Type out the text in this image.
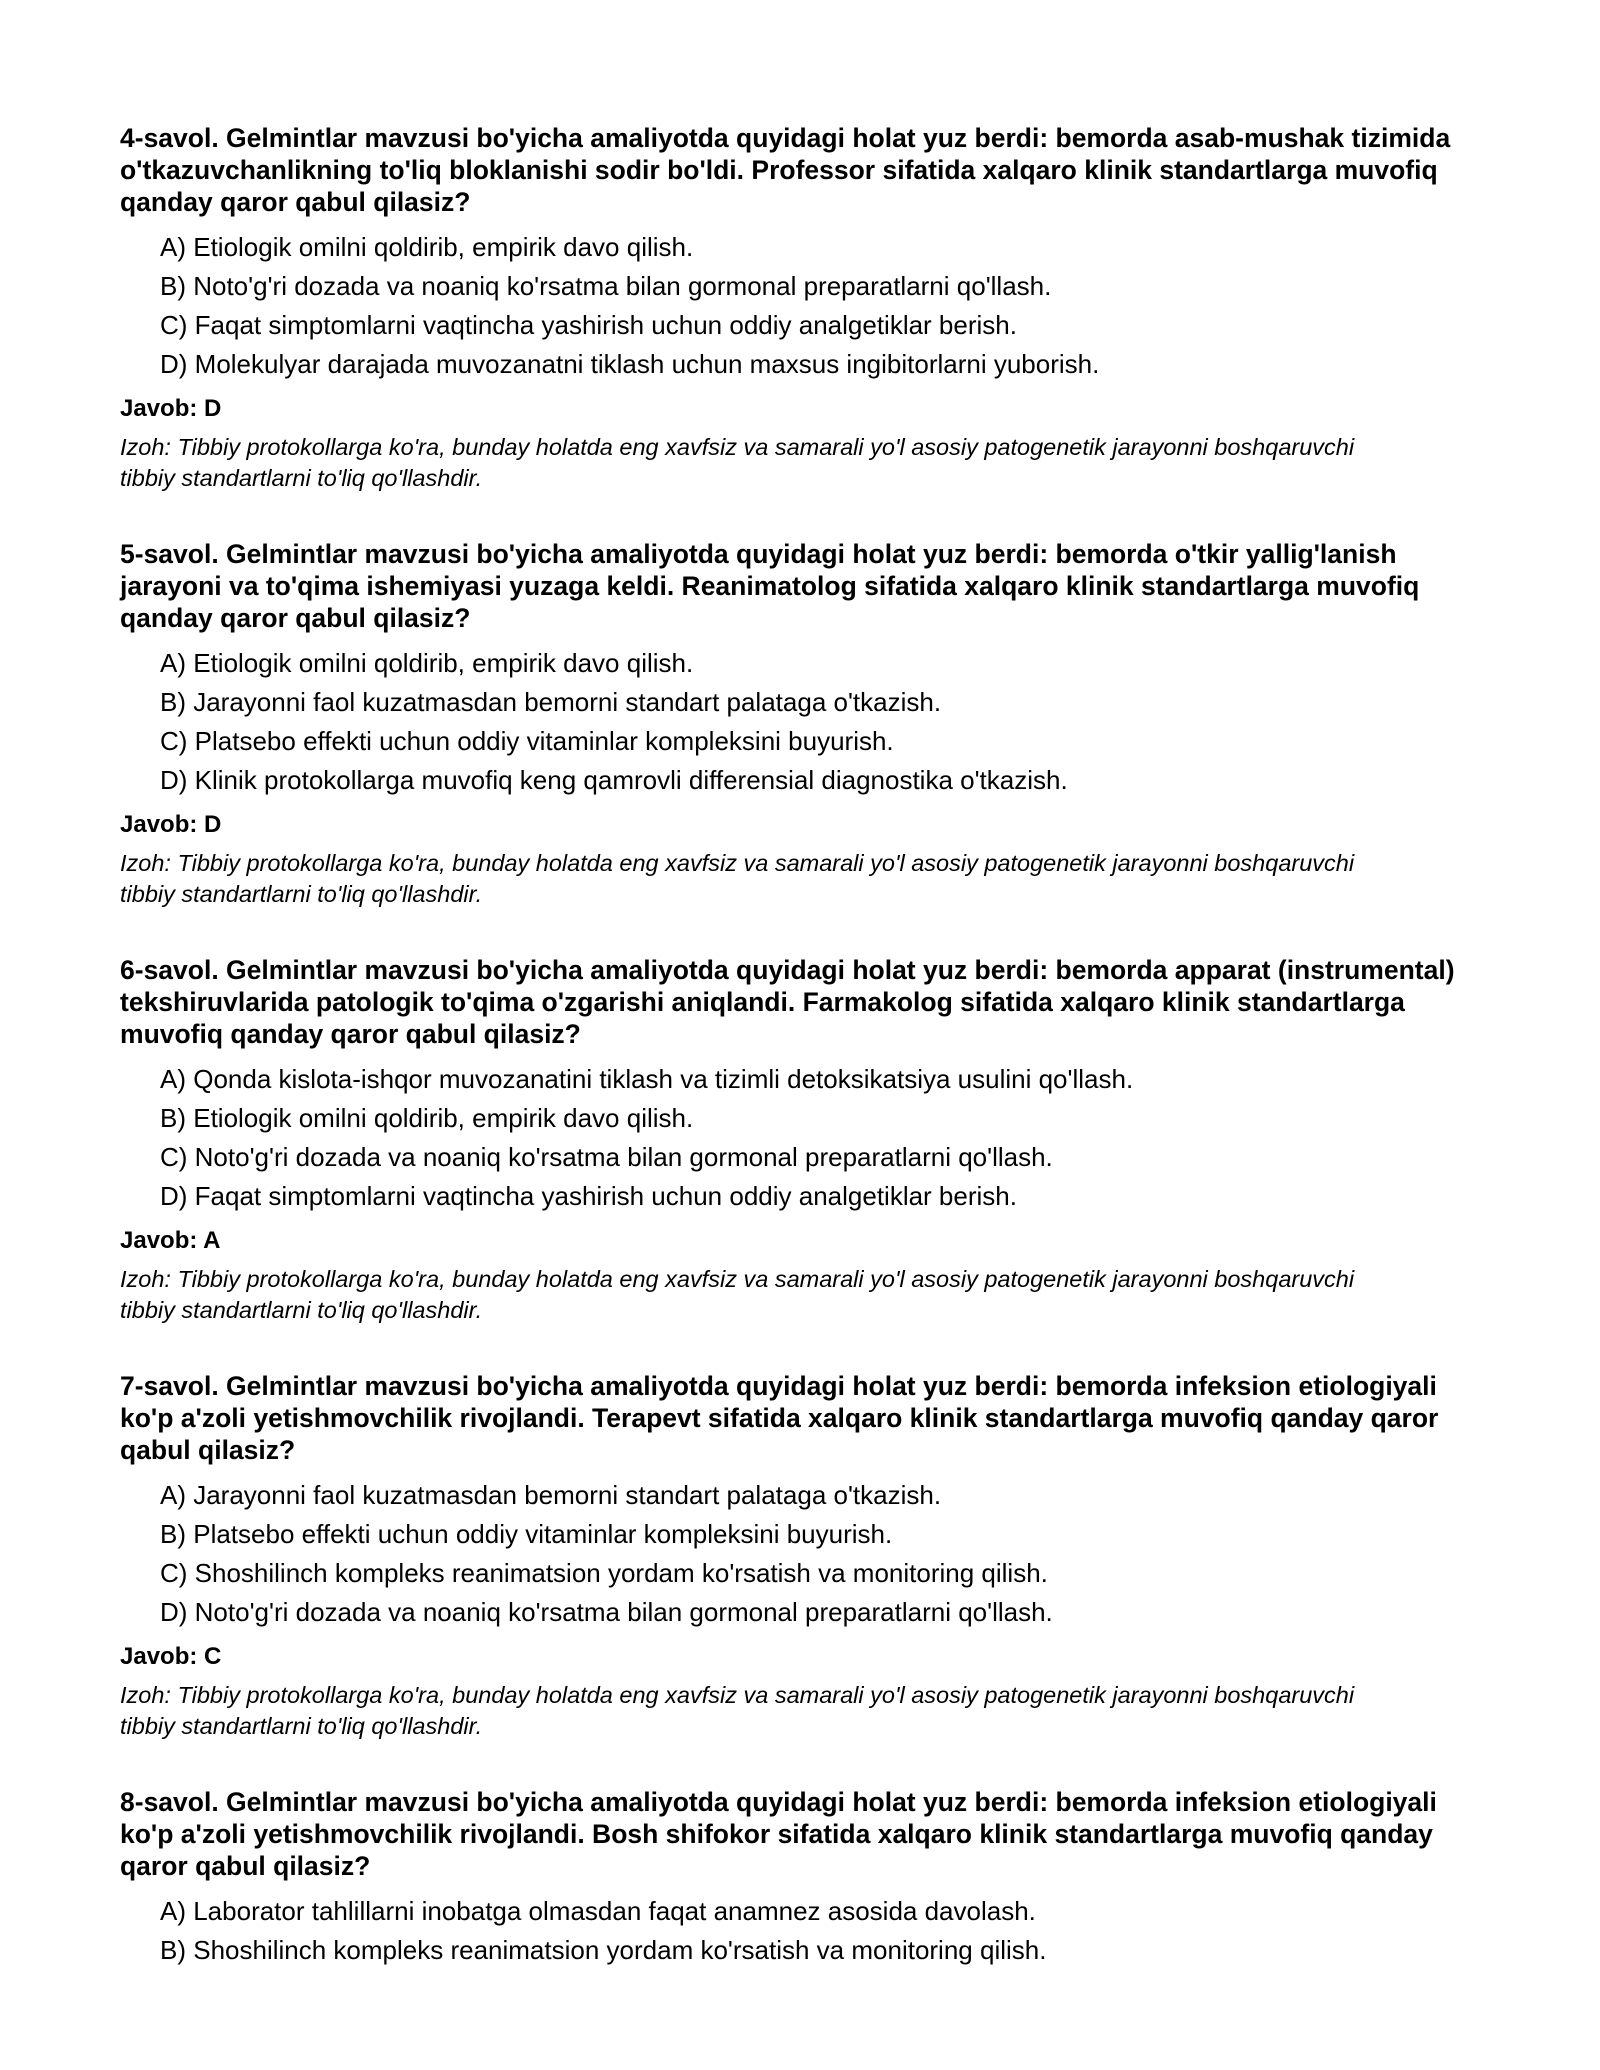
4-savol. Gelmintlar mavzusi bo'yicha amaliyotda quyidagi holat yuz berdi: bemorda asab-mushak tizimida o'tkazuvchanlikning to'liq bloklanishi sodir bo'ldi. Professor sifatida xalqaro klinik standartlarga muvofiq qanday qaror qabul qilasiz?
A) Etiologik omilni qoldirib, empirik davo qilish.
B) Noto'g'ri dozada va noaniq ko'rsatma bilan gormonal preparatlarni qo'llash.
C) Faqat simptomlarni vaqtincha yashirish uchun oddiy analgetiklar berish.
D) Molekulyar darajada muvozanatni tiklash uchun maxsus ingibitorlarni yuborish.
Javob: D
Izoh: Tibbiy protokollarga ko'ra, bunday holatda eng xavfsiz va samarali yo'l asosiy patogenetik jarayonni boshqaruvchi tibbiy standartlarni to'liq qo'llashdir.
5-savol. Gelmintlar mavzusi bo'yicha amaliyotda quyidagi holat yuz berdi: bemorda o'tkir yallig'lanish jarayoni va to'qima ishemiyasi yuzaga keldi. Reanimatolog sifatida xalqaro klinik standartlarga muvofiq qanday qaror qabul qilasiz?
A) Etiologik omilni qoldirib, empirik davo qilish.
B) Jarayonni faol kuzatmasdan bemorni standart palataga o'tkazish.
C) Platsebo effekti uchun oddiy vitaminlar kompleksini buyurish.
D) Klinik protokollarga muvofiq keng qamrovli differensial diagnostika o'tkazish.
Javob: D
Izoh: Tibbiy protokollarga ko'ra, bunday holatda eng xavfsiz va samarali yo'l asosiy patogenetik jarayonni boshqaruvchi tibbiy standartlarni to'liq qo'llashdir.
6-savol. Gelmintlar mavzusi bo'yicha amaliyotda quyidagi holat yuz berdi: bemorda apparat (instrumental) tekshiruvlarida patologik to'qima o'zgarishi aniqlandi. Farmakolog sifatida xalqaro klinik standartlarga muvofiq qanday qaror qabul qilasiz?
A) Qonda kislota-ishqor muvozanatini tiklash va tizimli detoksikatsiya usulini qo'llash.
B) Etiologik omilni qoldirib, empirik davo qilish.
C) Noto'g'ri dozada va noaniq ko'rsatma bilan gormonal preparatlarni qo'llash.
D) Faqat simptomlarni vaqtincha yashirish uchun oddiy analgetiklar berish.
Javob: A
Izoh: Tibbiy protokollarga ko'ra, bunday holatda eng xavfsiz va samarali yo'l asosiy patogenetik jarayonni boshqaruvchi tibbiy standartlarni to'liq qo'llashdir.
7-savol. Gelmintlar mavzusi bo'yicha amaliyotda quyidagi holat yuz berdi: bemorda infeksion etiologiyali ko'p a'zoli yetishmovchilik rivojlandi. Terapevt sifatida xalqaro klinik standartlarga muvofiq qanday qaror qabul qilasiz?
A) Jarayonni faol kuzatmasdan bemorni standart palataga o'tkazish.
B) Platsebo effekti uchun oddiy vitaminlar kompleksini buyurish.
C) Shoshilinch kompleks reanimatsion yordam ko'rsatish va monitoring qilish.
D) Noto'g'ri dozada va noaniq ko'rsatma bilan gormonal preparatlarni qo'llash.
Javob: C
Izoh: Tibbiy protokollarga ko'ra, bunday holatda eng xavfsiz va samarali yo'l asosiy patogenetik jarayonni boshqaruvchi tibbiy standartlarni to'liq qo'llashdir.
8-savol. Gelmintlar mavzusi bo'yicha amaliyotda quyidagi holat yuz berdi: bemorda infeksion etiologiyali ko'p a'zoli yetishmovchilik rivojlandi. Bosh shifokor sifatida xalqaro klinik standartlarga muvofiq qanday qaror qabul qilasiz?
A) Laborator tahlillarni inobatga olmasdan faqat anamnez asosida davolash.
B) Shoshilinch kompleks reanimatsion yordam ko'rsatish va monitoring qilish.
